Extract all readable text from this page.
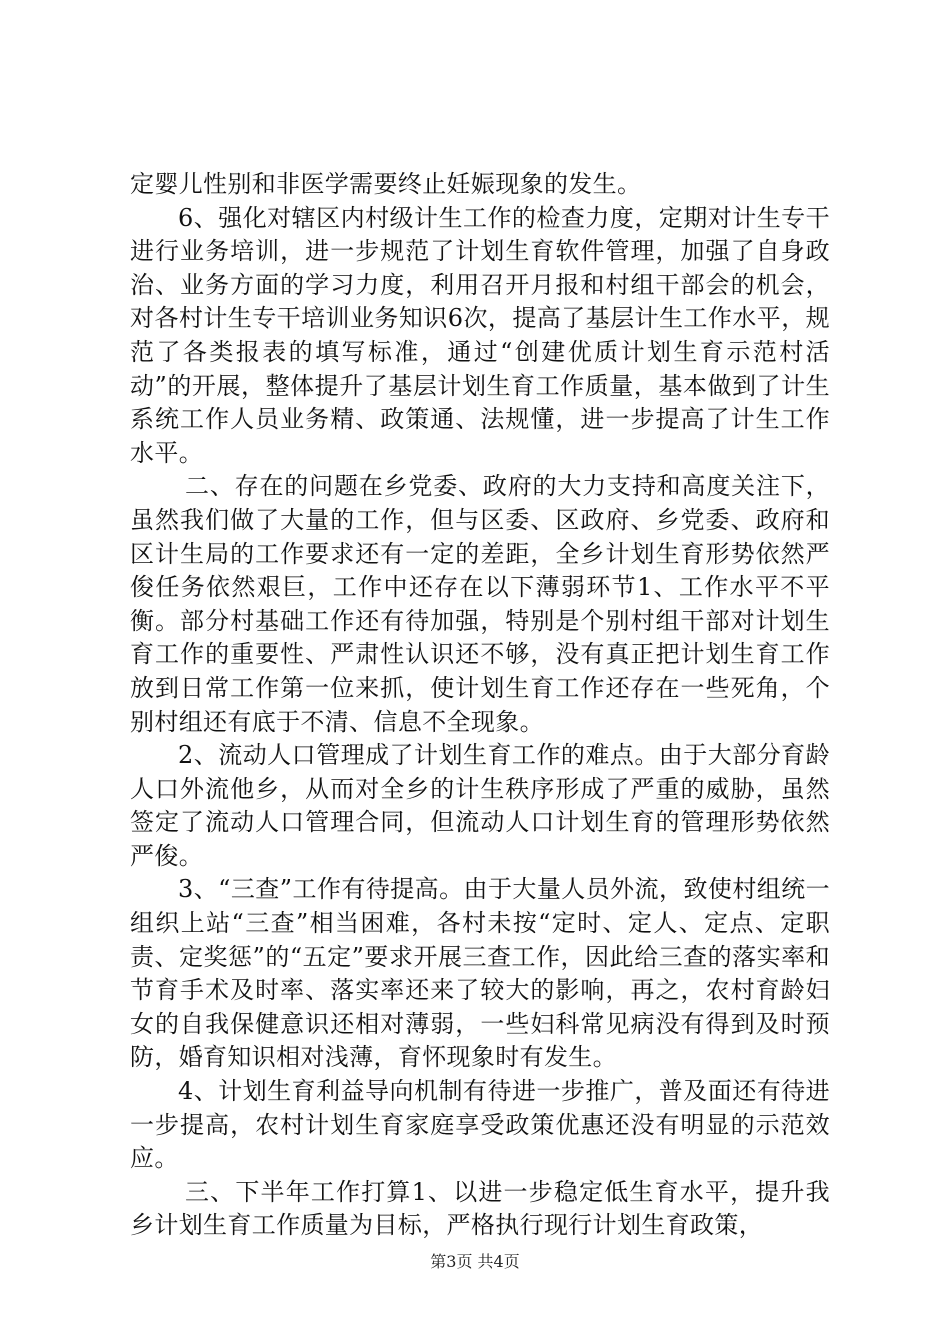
定婴儿性别和非医学需要终止妊娠现象的发生。

6、强化对辖区内村级计生工作的检查力度，定期对计生专干进行业务培训，进一步规范了计划生育软件管理，加强了自身政治、业务方面的学习力度，利用召开月报和村组干部会的机会，对各村计生专干培训业务知识6次，提高了基层计生工作水平，规范了各类报表的填写标准，通过“创建优质计划生育示范村活动”的开展，整体提升了基层计划生育工作质量，基本做到了计生系统工作人员业务精、政策通、法规懂，进一步提高了计生工作水平。

二、存在的问题在乡党委、政府的大力支持和高度关注下，虽然我们做了大量的工作，但与区委、区政府、乡党委、政府和区计生局的工作要求还有一定的差距，全乡计划生育形势依然严俊任务依然艰巨，工作中还存在以下薄弱环节1、工作水平不平衡。部分村基础工作还有待加强，特别是个别村组干部对计划生育工作的重要性、严肃性认识还不够，没有真正把计划生育工作放到日常工作第一位来抓，使计划生育工作还存在一些死角，个别村组还有底于不清、信息不全现象。

2、流动人口管理成了计划生育工作的难点。由于大部分育龄人口外流他乡，从而对全乡的计生秩序形成了严重的威胁，虽然签定了流动人口管理合同，但流动人口计划生育的管理形势依然严俊。

3、“三查”工作有待提高。由于大量人员外流，致使村组统一组织上站“三查”相当困难，各村未按“定时、定人、定点、定职责、定奖惩”的“五定”要求开展三查工作，因此给三查的落实率和节育手术及时率、落实率还来了较大的影响，再之，农村育龄妇女的自我保健意识还相对薄弱，一些妇科常见病没有得到及时预防，婚育知识相对浅薄，育怀现象时有发生。

4、计划生育利益导向机制有待进一步推广，普及面还有待进一步提高，农村计划生育家庭享受政策优惠还没有明显的示范效应。

三、下半年工作打算1、以进一步稳定低生育水平，提升我乡计划生育工作质量为目标，严格执行现行计划生育政策，

第3页 共4页
